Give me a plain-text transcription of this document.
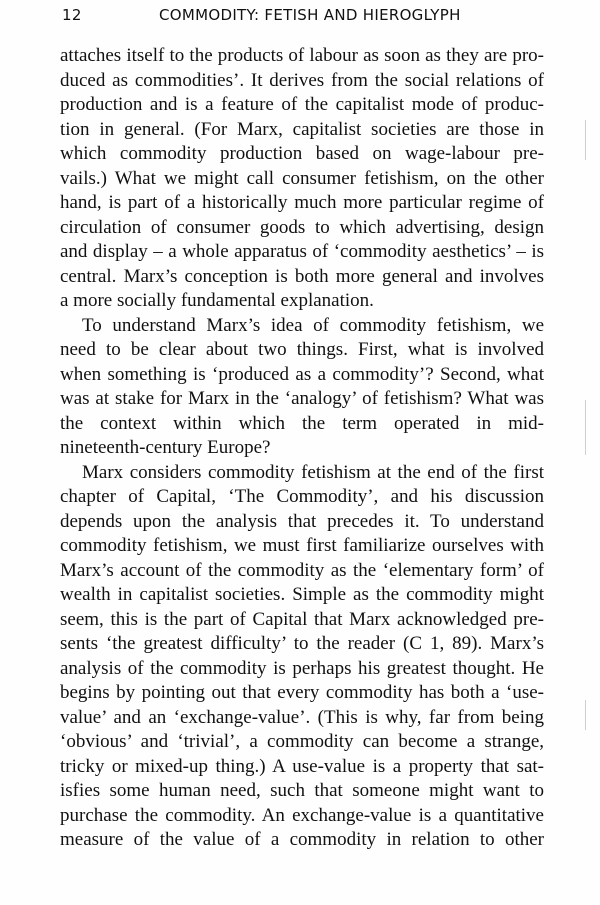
12	COMMODITY: FETISH AND HIEROGLYPH
attaches itself to the products of labour as soon as they are pro-
duced as commodities’. It derives from the social relations of
production and is a feature of the capitalist mode of produc-
tion in general. (For Marx, capitalist societies are those in
which commodity production based on wage-labour pre-
vails.) What we might call consumer fetishism, on the other
hand, is part of a historically much more particular regime of
circulation of consumer goods to which advertising, design
and display – a whole apparatus of ‘commodity aesthetics’ – is
central. Marx’s conception is both more general and involves
a more socially fundamental explanation.
To understand Marx’s idea of commodity fetishism, we
need to be clear about two things. First, what is involved
when something is ‘produced as a commodity’? Second, what
was at stake for Marx in the ‘analogy’ of fetishism? What was
the context within which the term operated in mid-
nineteenth-century Europe?
Marx considers commodity fetishism at the end of the first
chapter of Capital, ‘The Commodity’, and his discussion
depends upon the analysis that precedes it. To understand
commodity fetishism, we must first familiarize ourselves with
Marx’s account of the commodity as the ‘elementary form’ of
wealth in capitalist societies. Simple as the commodity might
seem, this is the part of Capital that Marx acknowledged pre-
sents ‘the greatest difficulty’ to the reader (C 1, 89). Marx’s
analysis of the commodity is perhaps his greatest thought. He
begins by pointing out that every commodity has both a ‘use-
value’ and an ‘exchange-value’. (This is why, far from being
‘obvious’ and ‘trivial’, a commodity can become a strange,
tricky or mixed-up thing.) A use-value is a property that sat-
isfies some human need, such that someone might want to
purchase the commodity. An exchange-value is a quantitative
measure of the value of a commodity in relation to other
